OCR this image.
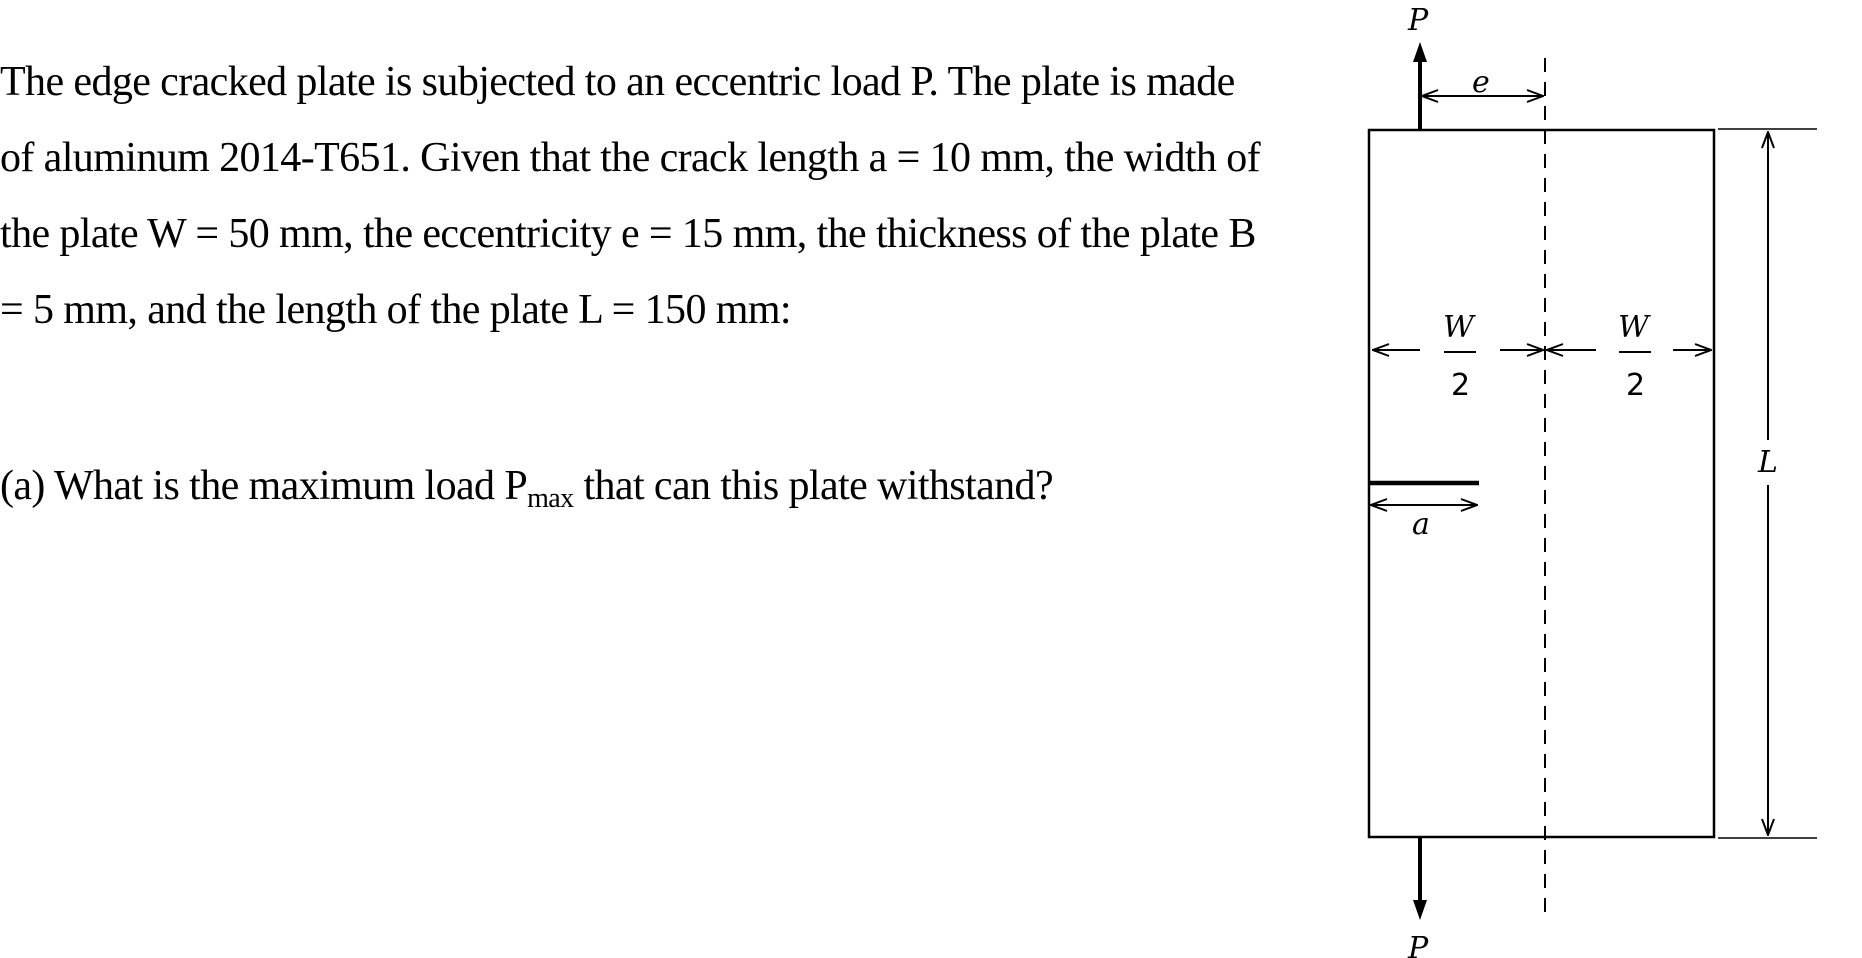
The edge cracked plate is subjected to an eccentric load P. The plate is made of aluminum 2014-T651. Given that the crack length a = 10 mm, the width of the plate W = 50 mm, the eccentricity e = 15 mm, the thickness of the plate B = 5 mm, and the length of the plate L = 150 mm:

(a) What is the maximum load $P_{max}$ that can this plate withstand?
P
e
P
W
2
W
2
L
a
